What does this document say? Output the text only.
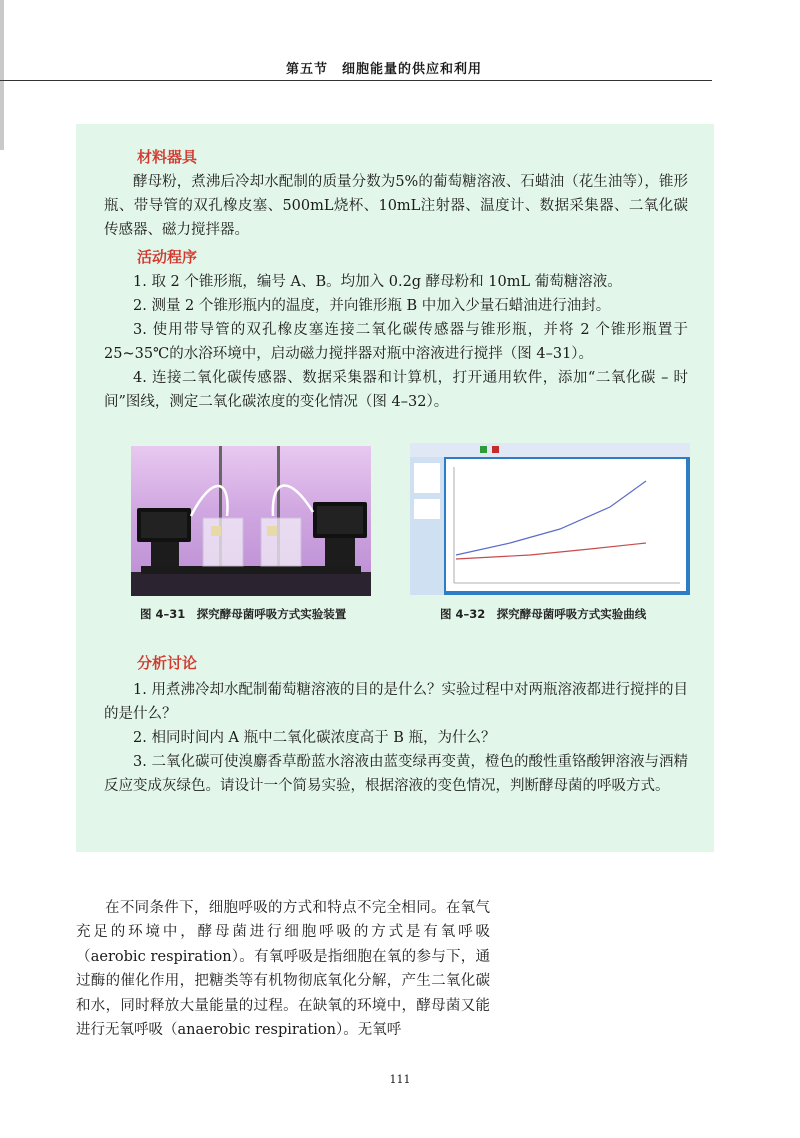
第五节　细胞能量的供应和利用
材料器具

酵母粉，煮沸后冷却水配制的质量分数为5%的葡萄糖溶液、石蜡油（花生油等），锥形瓶、带导管的双孔橡皮塞、500mL烧杯、10mL注射器、温度计、数据采集器、二氧化碳传感器、磁力搅拌器。

活动程序
1. 取 2 个锥形瓶，编号 A、B。均加入 0.2g 酵母粉和 10mL 葡萄糖溶液。
2. 测量 2 个锥形瓶内的温度，并向锥形瓶 B 中加入少量石蜡油进行油封。
3. 使用带导管的双孔橡皮塞连接二氧化碳传感器与锥形瓶，并将 2 个锥形瓶置于 25~35℃的水浴环境中，启动磁力搅拌器对瓶中溶液进行搅拌（图 4–31）。
4. 连接二氧化碳传感器、数据采集器和计算机，打开通用软件，添加“二氧化碳 – 时间”图线，测定二氧化碳浓度的变化情况（图 4–32）。
图 4–31　探究酵母菌呼吸方式实验装置	图 4–32　探究酵母菌呼吸方式实验曲线
分析讨论
1. 用煮沸冷却水配制葡萄糖溶液的目的是什么？实验过程中对两瓶溶液都进行搅拌的目的是什么？
2. 相同时间内 A 瓶中二氧化碳浓度高于 B 瓶，为什么？
3. 二氧化碳可使溴麝香草酚蓝水溶液由蓝变绿再变黄，橙色的酸性重铬酸钾溶液与酒精反应变成灰绿色。请设计一个简易实验，根据溶液的变色情况，判断酵母菌的呼吸方式。

在不同条件下，细胞呼吸的方式和特点不完全相同。在氧气充足的环境中，酵母菌进行细胞呼吸的方式是有氧呼吸（aerobic respiration）。有氧呼吸是指细胞在氧的参与下，通过酶的催化作用，把糖类等有机物彻底氧化分解，产生二氧化碳和水，同时释放大量能量的过程。在缺氧的环境中，酵母菌又能进行无氧呼吸（anaerobic respiration）。无氧呼

111
